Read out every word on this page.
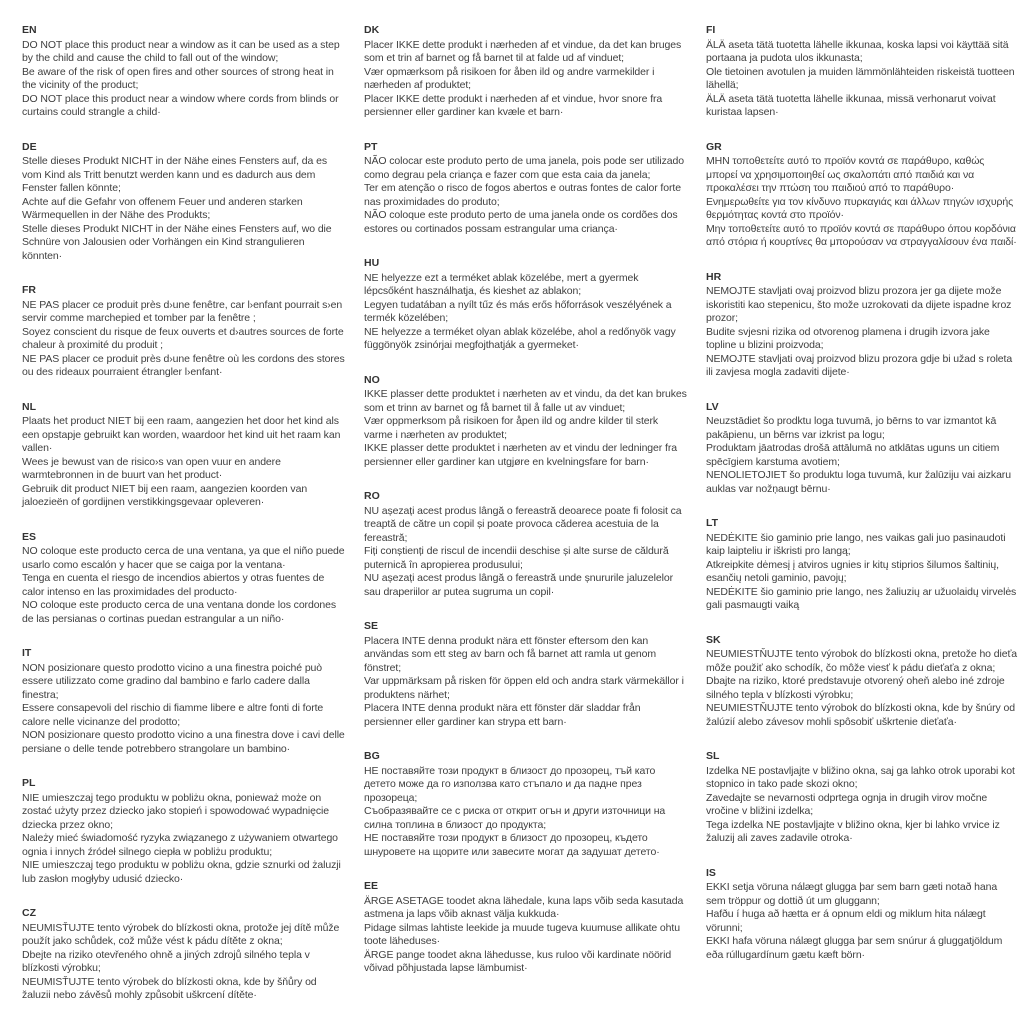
EN

DO NOT place this product near a window as it can be used as a step by the child and cause the child to fall out of the window;

Be aware of the risk of open fires and other sources of strong heat in the vicinity of the product;

DO NOT place this product near a window where cords from blinds or curtains could strangle a child·

DE

Stelle dieses Produkt NICHT in der Nähe eines Fensters auf, da es vom Kind als Tritt benutzt werden kann und es dadurch aus dem Fenster fallen könnte;

Achte auf die Gefahr von offenem Feuer und anderen starken Wärmequellen in der Nähe des Produkts;

Stelle dieses Produkt NICHT in der Nähe eines Fensters auf, wo die Schnüre von Jalousien oder Vorhängen ein Kind strangulieren könnten·

FR

NE PAS placer ce produit près d›une fenêtre, car l›enfant pourrait s›en servir comme marchepied et tomber par la fenêtre ;

Soyez conscient du risque de feux ouverts et d›autres sources de forte chaleur à proximité du produit ;

NE PAS placer ce produit près d›une fenêtre où les cordons des stores ou des rideaux pourraient étrangler l›enfant·

NL

Plaats het product NIET bij een raam, aangezien het door het kind als een opstapje gebruikt kan worden, waardoor het kind uit het raam kan vallen·

Wees je bewust van de risico›s van open vuur en andere warmtebronnen in de buurt van het product·

Gebruik dit product NIET bij een raam, aangezien koorden van jaloezieën of gordijnen verstikkingsgevaar opleveren·

ES

NO coloque este producto cerca de una ventana, ya que el niño puede usarlo como escalón y hacer que se caiga por la ventana·

Tenga en cuenta el riesgo de incendios abiertos y otras fuentes de calor intenso en las proximidades del producto·

NO coloque este producto cerca de una ventana donde los cordones de las persianas o cortinas puedan estrangular a un niño·

IT

NON posizionare questo prodotto vicino a una finestra poiché può essere utilizzato come gradino dal bambino e farlo cadere dalla finestra;

Essere consapevoli del rischio di fiamme libere e altre fonti di forte calore nelle vicinanze del prodotto;

NON posizionare questo prodotto vicino a una finestra dove i cavi delle persiane o delle tende potrebbero strangolare un bambino·

PL

NIE umieszczaj tego produktu w pobliżu okna, ponieważ może on zostać użyty przez dziecko jako stopień i spowodować wypadnięcie dziecka przez okno;

Należy mieć świadomość ryzyka związanego z używaniem otwartego ognia i innych źródeł silnego ciepła w pobliżu produktu;

NIE umieszczaj tego produktu w pobliżu okna, gdzie sznurki od żaluzji lub zasłon mogłyby udusić dziecko·

CZ

NEUMISŤUJTE tento výrobek do blízkosti okna, protože jej dítě může použít jako schůdek, což může vést k pádu dítěte z okna;

Dbejte na riziko otevřeného ohně a jiných zdrojů silného tepla v blízkosti výrobku;

NEUMISŤUJTE tento výrobek do blízkosti okna, kde by šňůry od žaluzii nebo závěsů mohly způsobit uškrcení dítěte·

DK

Placer IKKE dette produkt i nærheden af et vindue, da det kan bruges som et trin af barnet og få barnet til at falde ud af vinduet;

Vær opmærksom på risikoen for åben ild og andre varmekilder i nærheden af produktet;

Placer IKKE dette produkt i nærheden af et vindue, hvor snore fra persienner eller gardiner kan kvæle et barn·

PT

NÃO colocar este produto perto de uma janela, pois pode ser utilizado como degrau pela criança e fazer com que esta caia da janela;

Ter em atenção o risco de fogos abertos e outras fontes de calor forte nas proximidades do produto;

NÃO coloque este produto perto de uma janela onde os cordões dos estores ou cortinados possam estrangular uma criança·

HU

NE helyezze ezt a terméket ablak közelébe, mert a gyermek lépcsőként használhatja, és kieshet az ablakon;

Legyen tudatában a nyílt tűz és más erős hőforrások veszélyének a termék közelében;

NE helyezze a terméket olyan ablak közelébe, ahol a redőnyök vagy függönyök zsinórjai megfojthatják a gyermeket·

NO

IKKE plasser dette produktet i nærheten av et vindu, da det kan brukes som et trinn av barnet og få barnet til å falle ut av vinduet;

Vær oppmerksom på risikoen for åpen ild og andre kilder til sterk varme i nærheten av produktet;

IKKE plasser dette produktet i nærheten av et vindu der ledninger fra persienner eller gardiner kan utgjøre en kvelningsfare for barn·

RO

NU așezați acest produs lângă o fereastră deoarece poate fi folosit ca treaptă de către un copil și poate provoca căderea acestuia de la fereastră;

Fiți conștienți de riscul de incendii deschise și alte surse de căldură puternică în apropierea produsului;

NU așezați acest produs lângă o fereastră unde șnururile jaluzelelor sau draperiilor ar putea sugruma un copil·

SE

Placera INTE denna produkt nära ett fönster eftersom den kan användas som ett steg av barn och få barnet att ramla ut genom fönstret;

Var uppmärksam på risken för öppen eld och andra stark värmekällor i produktens närhet;

Placera INTE denna produkt nära ett fönster där sladdar från persienner eller gardiner kan strypa ett barn·

BG

НЕ поставяйте този продукт в близост до прозорец, тъй като детето може да го използва като стъпало и да падне през прозореца;

Съобразявайте се с риска от открит огън и други източници на силна топлина в близост до продукта;

НЕ поставяйте този продукт в близост до прозорец, където шнуровете на щорите или завесите могат да задушат детето·

EE

ÄRGE ASETAGE toodet akna lähedale, kuna laps võib seda kasutada astmena ja laps võib aknast välja kukkuda·

Pidage silmas lahtiste leekide ja muude tugeva kuumuse allikate ohtu toote läheduses·

ÄRGE pange toodet akna lähedusse, kus ruloo või kardinate nöörid võivad põhjustada lapse lämbumist·

FI

ÄLÄ aseta tätä tuotetta lähelle ikkunaa, koska lapsi voi käyttää sitä portaana ja pudota ulos ikkunasta;

Ole tietoinen avotulen ja muiden lämmönlähteiden riskeistä tuotteen lähellä;

ÄLÄ aseta tätä tuotetta lähelle ikkunaa, missä verhonarut voivat kuristaa lapsen·

GR

ΜΗΝ τοποθετείτε αυτό το προϊόν κοντά σε παράθυρο, καθώς μπορεί να χρησιμοποιηθεί ως σκαλοπάτι από παιδιά και να προκαλέσει την πτώση του παιδιού από το παράθυρο·

Ενημερωθείτε για τον κίνδυνο πυρκαγιάς και άλλων πηγών ισχυρής θερμότητας κοντά στο προϊόν·

Μην τοποθετείτε αυτό το προϊόν κοντά σε παράθυρο όπου κορδόνια από στόρια ή κουρτίνες θα μπορούσαν να στραγγαλίσουν ένα παιδί·

HR

NEMOJTE stavljati ovaj proizvod blizu prozora jer ga dijete može iskoristiti kao stepenicu, što može uzrokovati da dijete ispadne kroz prozor;

Budite svjesni rizika od otvorenog plamena i drugih izvora jake topline u blizini proizvoda;

NEMOJTE stavljati ovaj proizvod blizu prozora gdje bi užad s roleta ili zavjesa mogla zadaviti dijete·

LV

Neuzstādiet šo prodktu loga tuvumā, jo bērns to var izmantot kā pakāpienu, un bērns var izkrist pa logu;

Produktam jāatrodas drošā attālumā no atklātas uguns un citiem spēcīgiem karstuma avotiem;

NENOLIETOJIET šo produktu loga tuvumā, kur žalūziju vai aizkaru auklas var nožņaugt bērnu·

LT

NEDĖKITE šio gaminio prie lango, nes vaikas gali juo pasinaudoti kaip laipteliu ir iškristi pro langą;

Atkreipkite dėmesį į atviros ugnies ir kitų stiprios šilumos šaltinių, esančių netoli gaminio, pavojų;

NEDĖKITE šio gaminio prie lango, nes žaliuzių ar užuolaidų virvelės gali pasmaugti vaiką

SK

NEUMIESTŇUJTE tento výrobok do blízkosti okna, pretože ho dieťa môže použiť ako schodík, čo môže viesť k pádu dieťaťa z okna;

Dbajte na riziko, ktoré predstavuje otvorený oheň alebo iné zdroje silného tepla v blízkosti výrobku;

NEUMIESTŇUJTE tento výrobok do blízkosti okna, kde by šnúry od žalúzií alebo závesov mohli spôsobiť uškrtenie dieťaťa·

SL

Izdelka NE postavljajte v bližino okna, saj ga lahko otrok uporabi kot stopnico in tako pade skozi okno;

Zavedajte se nevarnosti odprtega ognja in drugih virov močne vročine v bližini izdelka;

Tega izdelka NE postavljajte v bližino okna, kjer bi lahko vrvice iz žaluzij ali zaves zadavile otroka·

IS

EKKI setja vöruna nálægt glugga þar sem barn gæti notað hana sem tröppur og dottið út um gluggann;

Hafðu í huga að hætta er á opnum eldi og miklum hita nálægt vörunni;

EKKI hafa vöruna nálægt glugga þar sem snúrur á gluggatjöldum eða rúllugardínum gætu kæft börn·
